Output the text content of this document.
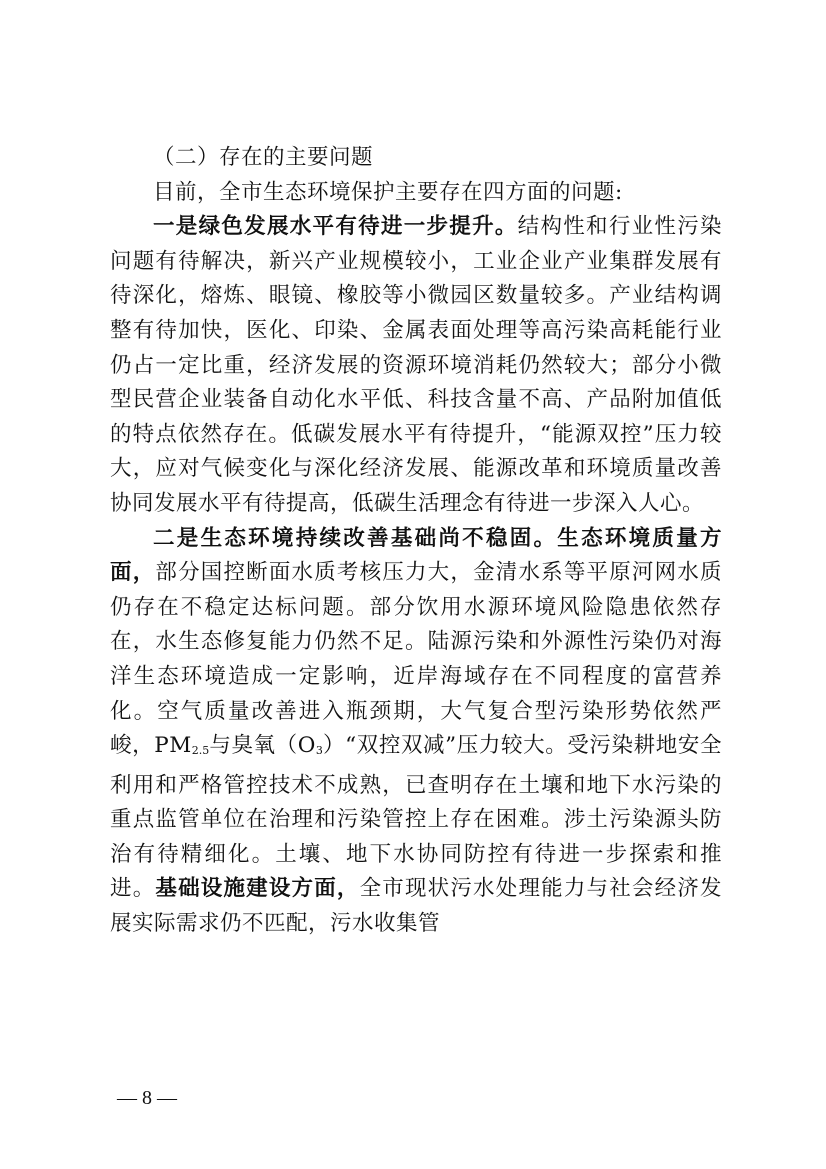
（二）存在的主要问题

目前，全市生态环境保护主要存在四方面的问题:

一是绿色发展水平有待进一步提升。结构性和行业性污染问题有待解决，新兴产业规模较小，工业企业产业集群发展有待深化，熔炼、眼镜、橡胶等小微园区数量较多。产业结构调整有待加快，医化、印染、金属表面处理等高污染高耗能行业仍占一定比重，经济发展的资源环境消耗仍然较大；部分小微型民营企业装备自动化水平低、科技含量不高、产品附加值低的特点依然存在。低碳发展水平有待提升，“能源双控”压力较大，应对气候变化与深化经济发展、能源改革和环境质量改善协同发展水平有待提高，低碳生活理念有待进一步深入人心。

二是生态环境持续改善基础尚不稳固。生态环境质量方面，部分国控断面水质考核压力大，金清水系等平原河网水质仍存在不稳定达标问题。部分饮用水源环境风险隐患依然存在，水生态修复能力仍然不足。陆源污染和外源性污染仍对海洋生态环境造成一定影响，近岸海域存在不同程度的富营养化。空气质量改善进入瓶颈期，大气复合型污染形势依然严峻，PM2.5与臭氧（O3）“双控双减”压力较大。受污染耕地安全利用和严格管控技术不成熟，已查明存在土壤和地下水污染的重点监管单位在治理和污染管控上存在困难。涉土污染源头防治有待精细化。土壤、地下水协同防控有待进一步探索和推进。基础设施建设方面，全市现状污水处理能力与社会经济发展实际需求仍不匹配，污水收集管

— 8 —
